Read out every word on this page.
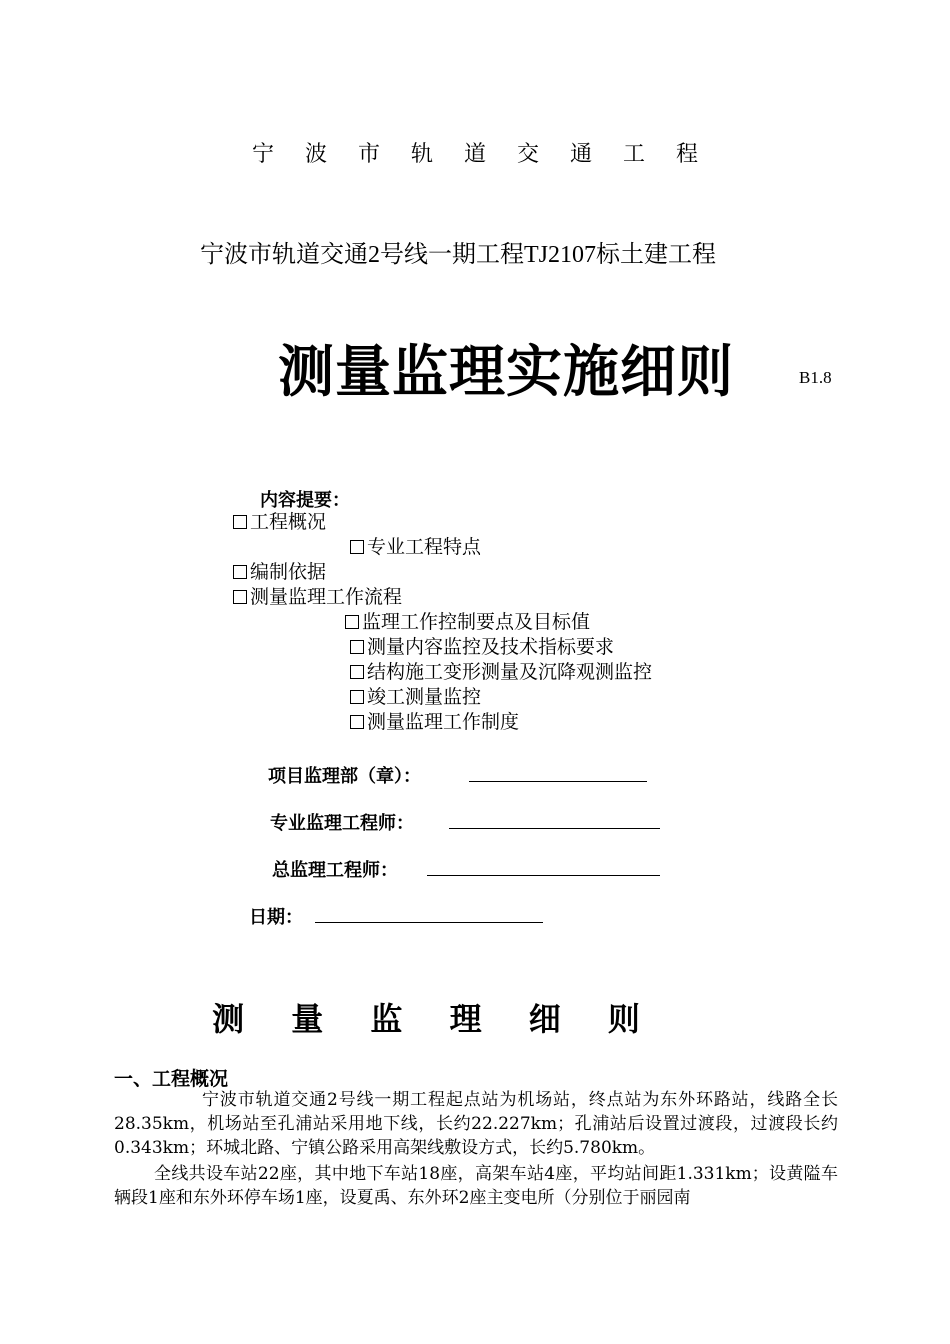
宁 波 市 轨 道 交 通 工 程
宁波市轨道交通2号线一期工程TJ2107标土建工程
测量监理实施细则	B1.8
内容提要：
工程概况
专业工程特点
编制依据
测量监理工作流程
监理工作控制要点及目标值
测量内容监控及技术指标要求
结构施工变形测量及沉降观测监控
竣工测量监控
测量监理工作制度
项目监理部（章）：
专业监理工程师：
总监理工程师：
日期：
测 量 监 理 细 则
一、工程概况
宁波市轨道交通2号线一期工程起点站为机场站，终点站为东外环路站，线路全长28.35km，机场站至孔浦站采用地下线，长约22.227km；孔浦站后设置过渡段，过渡段长约0.343km；环城北路、宁镇公路采用高架线敷设方式，长约5.780km。
全线共设车站22座，其中地下车站18座，高架车站4座，平均站间距1.331km；设黄隘车辆段1座和东外环停车场1座，设夏禹、东外环2座主变电所（分别位于丽园南
